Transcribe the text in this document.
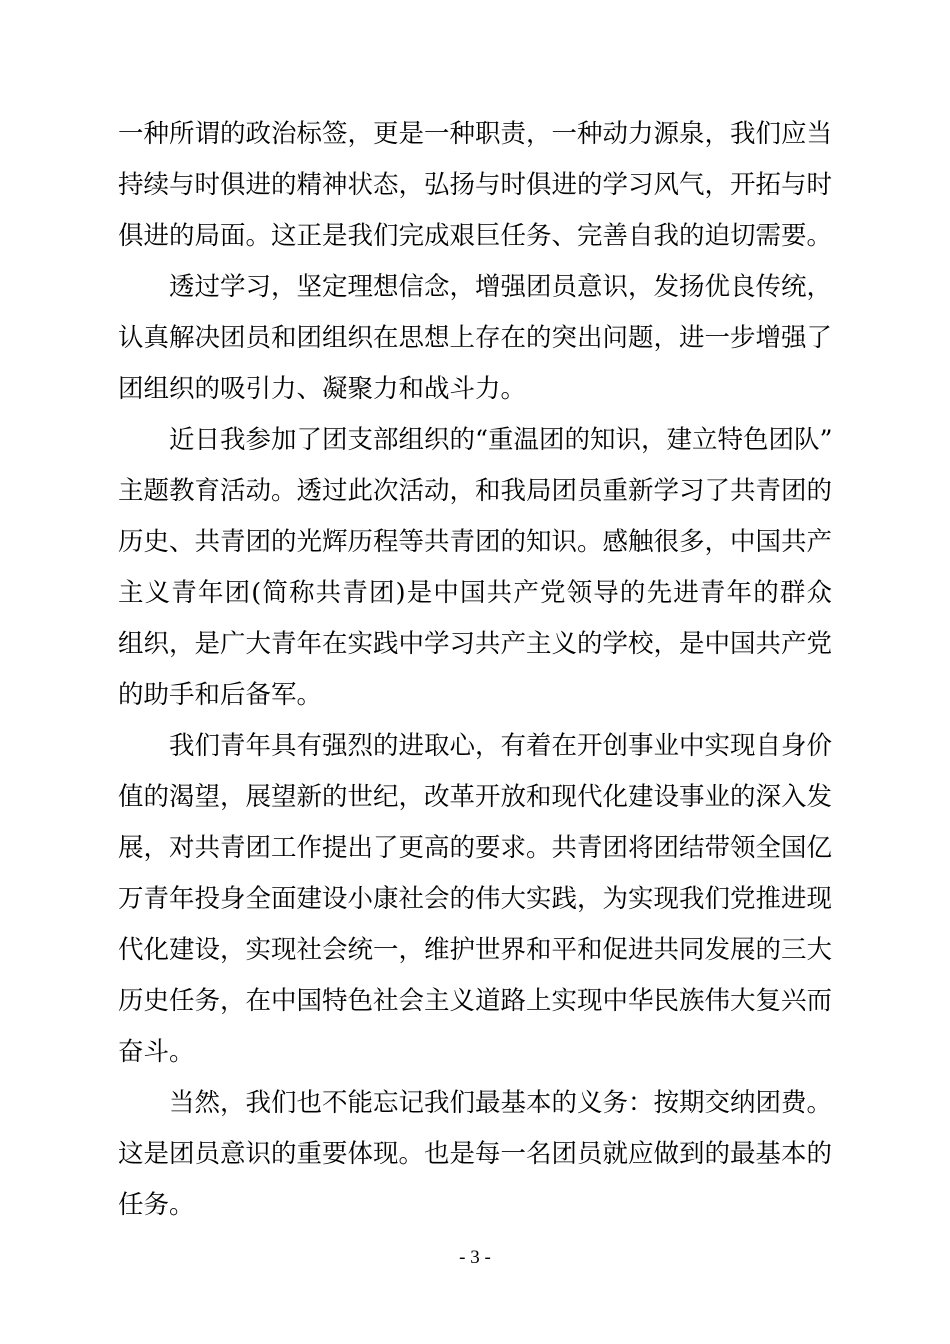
一种所谓的政治标签，更是一种职责，一种动力源泉，我们应当
持续与时俱进的精神状态，弘扬与时俱进的学习风气，开拓与时
俱进的局面。这正是我们完成艰巨任务、完善自我的迫切需要。
透过学习，坚定理想信念，增强团员意识，发扬优良传统，
认真解决团员和团组织在思想上存在的突出问题，进一步增强了
团组织的吸引力、凝聚力和战斗力。
近日我参加了团支部组织的“重温团的知识，建立特色团队”
主题教育活动。透过此次活动，和我局团员重新学习了共青团的
历史、共青团的光辉历程等共青团的知识。感触很多，中国共产
主义青年团(简称共青团)是中国共产党领导的先进青年的群众
组织，是广大青年在实践中学习共产主义的学校，是中国共产党
的助手和后备军。
我们青年具有强烈的进取心，有着在开创事业中实现自身价
值的渴望，展望新的世纪，改革开放和现代化建设事业的深入发
展，对共青团工作提出了更高的要求。共青团将团结带领全国亿
万青年投身全面建设小康社会的伟大实践，为实现我们党推进现
代化建设，实现社会统一，维护世界和平和促进共同发展的三大
历史任务，在中国特色社会主义道路上实现中华民族伟大复兴而
奋斗。
当然，我们也不能忘记我们最基本的义务：按期交纳团费。
这是团员意识的重要体现。也是每一名团员就应做到的最基本的
任务。
- 3 -
